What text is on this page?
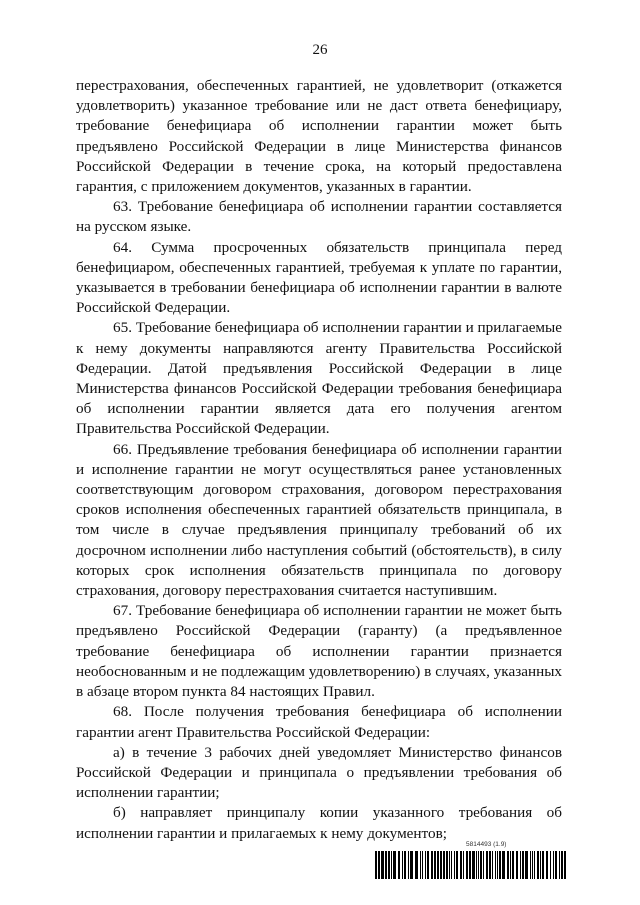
26

перестрахования, обеспеченных гарантией, не удовлетворит (откажется удовлетворить) указанное требование или не даст ответа бенефициару, требование бенефициара об исполнении гарантии может быть предъявлено Российской Федерации в лице Министерства финансов Российской Федерации в течение срока, на который предоставлена гарантия, с приложением документов, указанных в гарантии.

63. Требование бенефициара об исполнении гарантии составляется на русском языке.

64. Сумма просроченных обязательств принципала перед бенефициаром, обеспеченных гарантией, требуемая к уплате по гарантии, указывается в требовании бенефициара об исполнении гарантии в валюте Российской Федерации.

65. Требование бенефициара об исполнении гарантии и прилагаемые к нему документы направляются агенту Правительства Российской Федерации. Датой предъявления Российской Федерации в лице Министерства финансов Российской Федерации требования бенефициара об исполнении гарантии является дата его получения агентом Правительства Российской Федерации.

66. Предъявление требования бенефициара об исполнении гарантии и исполнение гарантии не могут осуществляться ранее установленных соответствующим договором страхования, договором перестрахования сроков исполнения обеспеченных гарантией обязательств принципала, в том числе в случае предъявления принципалу требований об их досрочном исполнении либо наступления событий (обстоятельств), в силу которых срок исполнения обязательств принципала по договору страхования, договору перестрахования считается наступившим.

67. Требование бенефициара об исполнении гарантии не может быть предъявлено Российской Федерации (гаранту) (а предъявленное требование бенефициара об исполнении гарантии признается необоснованным и не подлежащим удовлетворению) в случаях, указанных в абзаце втором пункта 84 настоящих Правил.

68. После получения требования бенефициара об исполнении гарантии агент Правительства Российской Федерации:

а) в течение 3 рабочих дней уведомляет Министерство финансов Российской Федерации и принципала о предъявлении требования об исполнении гарантии;

б) направляет принципалу копии указанного требования об исполнении гарантии и прилагаемых к нему документов;

5814493 (1.9)
